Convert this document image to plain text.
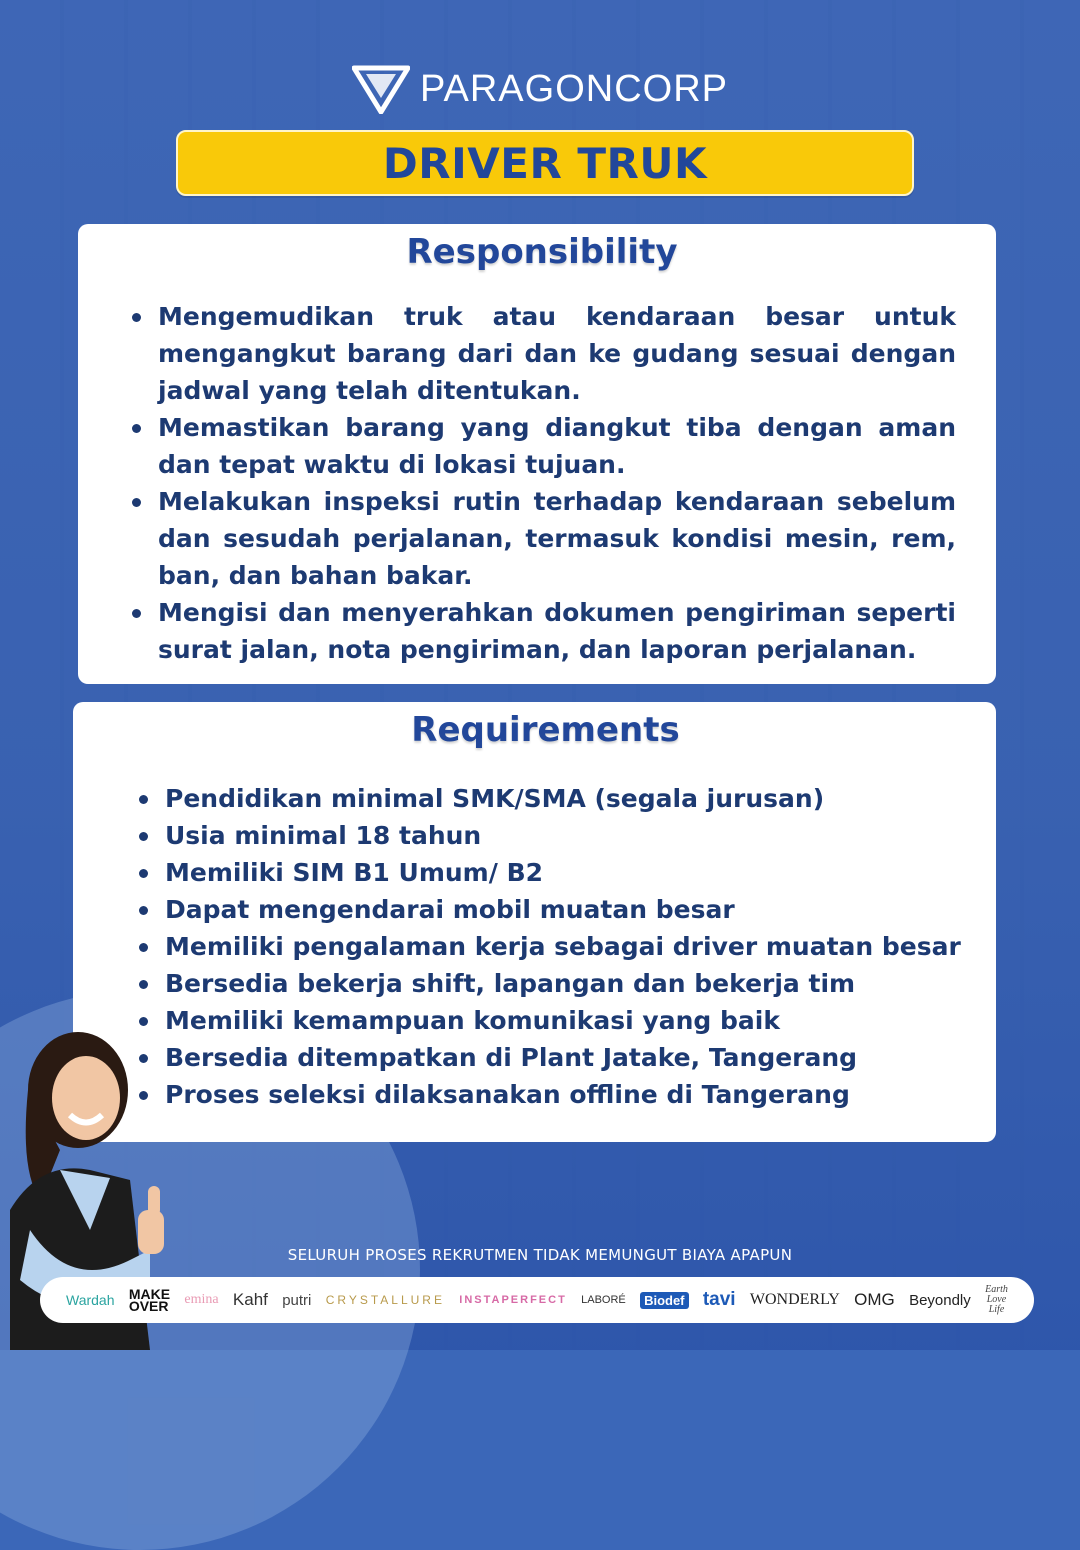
PARAGONCORP
DRIVER TRUK
Responsibility
Mengemudikan truk atau kendaraan besar untuk mengangkut barang dari dan ke gudang sesuai dengan jadwal yang telah ditentukan.
Memastikan barang yang diangkut tiba dengan aman dan tepat waktu di lokasi tujuan.
Melakukan inspeksi rutin terhadap kendaraan sebelum dan sesudah perjalanan, termasuk kondisi mesin, rem, ban, dan bahan bakar.
Mengisi dan menyerahkan dokumen pengiriman seperti surat jalan, nota pengiriman, dan laporan perjalanan.
Requirements
Pendidikan minimal SMK/SMA (segala jurusan)
Usia minimal 18 tahun
Memiliki SIM B1 Umum/ B2
Dapat mengendarai mobil muatan besar
Memiliki pengalaman kerja sebagai driver muatan besar
Bersedia bekerja shift, lapangan dan bekerja tim
Memiliki kemampuan komunikasi yang baik
Bersedia ditempatkan di Plant Jatake, Tangerang
Proses seleksi dilaksanakan offline di Tangerang
SELURUH PROSES REKRUTMEN TIDAK MEMUNGUT BIAYA APAPUN
Wardah MAKE
OVER emina Kahf putri CRYSTALLURE INSTAPERFECT LABORÉ	Biodef tavi WONDERLY OMG Beyondly
Earth
Love
Life
